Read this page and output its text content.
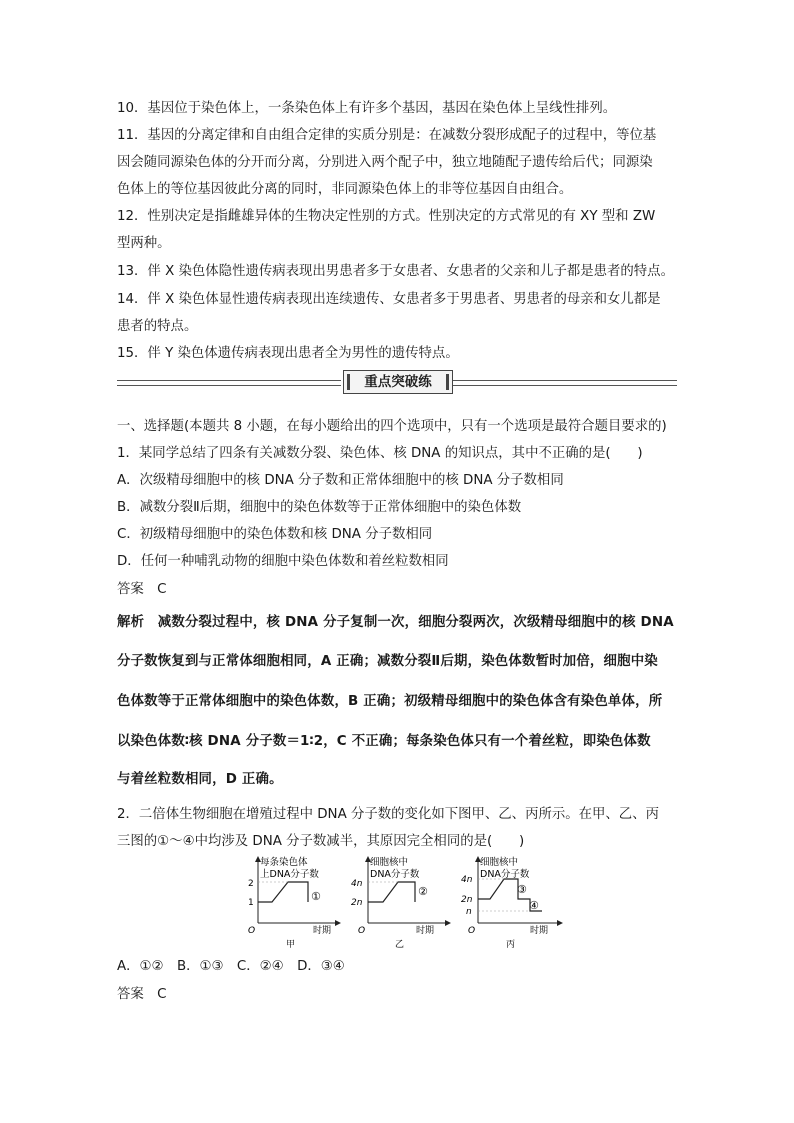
10．基因位于染色体上，一条染色体上有许多个基因，基因在染色体上呈线性排列。
11．基因的分离定律和自由组合定律的实质分别是：在减数分裂形成配子的过程中，等位基
因会随同源染色体的分开而分离，分别进入两个配子中，独立地随配子遗传给后代；同源染
色体上的等位基因彼此分离的同时，非同源染色体上的非等位基因自由组合。
12．性别决定是指雌雄异体的生物决定性别的方式。性别决定的方式常见的有 XY 型和 ZW
型两种。
13．伴 X 染色体隐性遗传病表现出男患者多于女患者、女患者的父亲和儿子都是患者的特点。
14．伴 X 染色体显性遗传病表现出连续遗传、女患者多于男患者、男患者的母亲和女儿都是
患者的特点。
15．伴 Y 染色体遗传病表现出患者全为男性的遗传特点。
重点突破练
一、选择题(本题共 8 小题，在每小题给出的四个选项中，只有一个选项是最符合题目要求的)
1．某同学总结了四条有关减数分裂、染色体、核 DNA 的知识点，其中不正确的是(　　)
A．次级精母细胞中的核 DNA 分子数和正常体细胞中的核 DNA 分子数相同
B．减数分裂Ⅱ后期，细胞中的染色体数等于正常体细胞中的染色体数
C．初级精母细胞中的染色体数和核 DNA 分子数相同
D．任何一种哺乳动物的细胞中染色体数和着丝粒数相同
答案　C
解析　减数分裂过程中，核 DNA 分子复制一次，细胞分裂两次，次级精母细胞中的核 DNA
分子数恢复到与正常体细胞相同，A 正确；减数分裂Ⅱ后期，染色体数暂时加倍，细胞中染
色体数等于正常体细胞中的染色体数，B 正确；初级精母细胞中的染色体含有染色单体，所
以染色体数∶核 DNA 分子数＝1∶2，C 不正确；每条染色体只有一个着丝粒，即染色体数
与着丝粒数相同，D 正确。
2．二倍体生物细胞在增殖过程中 DNA 分子数的变化如下图甲、乙、丙所示。在甲、乙、丙
三图的①～④中均涉及 DNA 分子数减半，其原因完全相同的是(　　)
每条染色体
上DNA分子数
2
1	①
O	时期
甲
细胞核中
DNA分子数
4n
2n
②
O	时期
乙
细胞核中
DNA分子数
4n
2n
n
③
④
O	时期
丙
A．①②　B．①③　C．②④　D．③④
答案　C
